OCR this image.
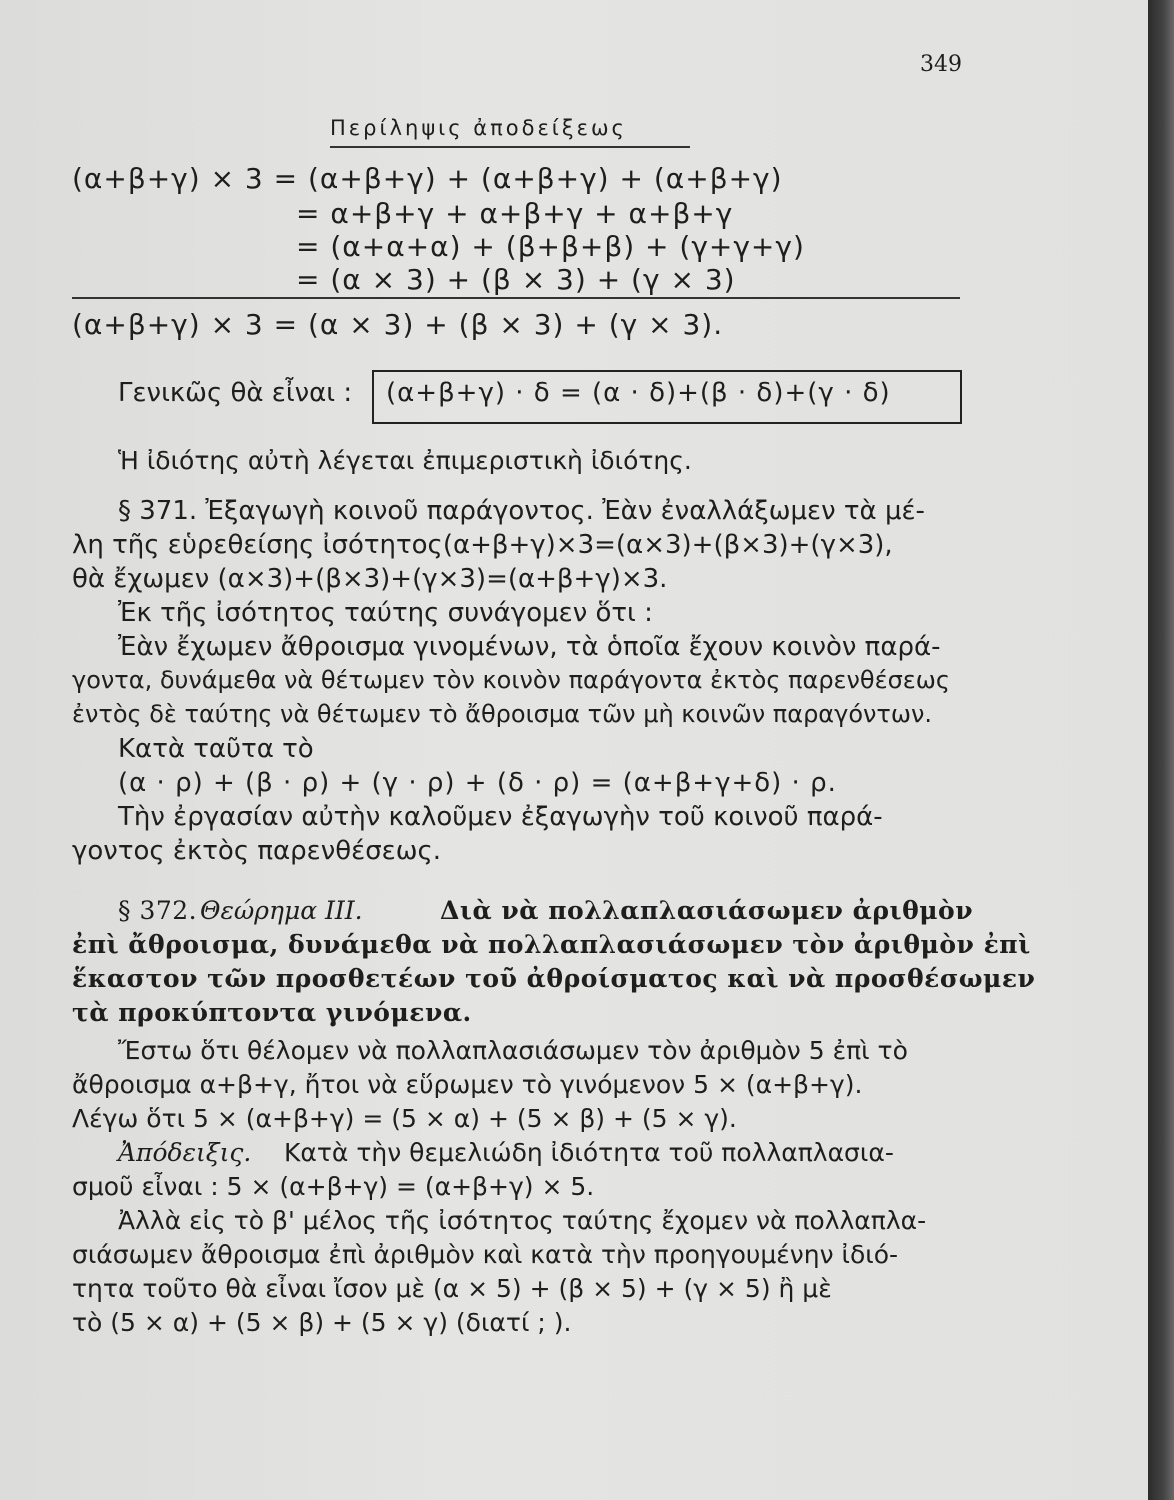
349
Περίληψις ἀποδείξεως
(α+β+γ) × 3 = (α+β+γ) + (α+β+γ) + (α+β+γ)
= α+β+γ + α+β+γ + α+β+γ
= (α+α+α) + (β+β+β) + (γ+γ+γ)
= (α × 3) + (β × 3) + (γ × 3)
(α+β+γ) × 3 = (α × 3) + (β × 3) + (γ × 3).
Γενικῶς θὰ εἶναι : (α+β+γ) · δ = (α · δ)+(β · δ)+(γ · δ)
Ἡ ἰδιότης αὐτὴ λέγεται ἐπιμεριστικὴ ἰδιότης.
§ 371. Ἐξαγωγὴ κοινοῦ παράγοντος. Ἐὰν ἐναλλάξωμεν τὰ μέ-
λη τῆς εὑρεθείσης ἰσότητος(α+β+γ)×3=(α×3)+(β×3)+(γ×3),
θὰ ἔχωμεν (α×3)+(β×3)+(γ×3)=(α+β+γ)×3.
Ἐκ τῆς ἰσότητος ταύτης συνάγομεν ὅτι :
Ἐὰν ἔχωμεν ἄθροισμα γινομένων, τὰ ὁποῖα ἔχουν κοινὸν παρά-
γοντα, δυνάμεθα νὰ θέτωμεν τὸν κοινὸν παράγοντα ἐκτὸς παρενθέσεως
ἐντὸς δὲ ταύτης νὰ θέτωμεν τὸ ἄθροισμα τῶν μὴ κοινῶν παραγόντων.
Κατὰ ταῦτα τὸ
(α · ρ) + (β · ρ) + (γ · ρ) + (δ · ρ) = (α+β+γ+δ) · ρ.
Τὴν ἐργασίαν αὐτὴν καλοῦμεν ἐξαγωγὴν τοῦ κοινοῦ παρά-
γοντος ἐκτὸς παρενθέσεως.
§ 372. Θεώρημα III.	Διὰ νὰ πολλαπλασιάσωμεν ἀριθμὸν
ἐπὶ ἄθροισμα, δυνάμεθα νὰ πολλαπλασιάσωμεν τὸν ἀριθμὸν ἐπὶ
ἕκαστον τῶν προσθετέων τοῦ ἀθροίσματος καὶ νὰ προσθέσωμεν
τὰ προκύπτοντα γινόμενα.
Ἔστω ὅτι θέλομεν νὰ πολλαπλασιάσωμεν τὸν ἀριθμὸν 5 ἐπὶ τὸ
ἄθροισμα α+β+γ, ἤτοι νὰ εὕρωμεν τὸ γινόμενον 5 × (α+β+γ).
Λέγω ὅτι 5 × (α+β+γ) = (5 × α) + (5 × β) + (5 × γ).
Ἀπόδειξις. Κατὰ τὴν θεμελιώδη ἰδιότητα τοῦ πολλαπλασια-
σμοῦ εἶναι : 5 × (α+β+γ) = (α+β+γ) × 5.
Ἀλλὰ εἰς τὸ β' μέλος τῆς ἰσότητος ταύτης ἔχομεν νὰ πολλαπλα-
σιάσωμεν ἄθροισμα ἐπὶ ἀριθμὸν καὶ κατὰ τὴν προηγουμένην ἰδιό-
τητα τοῦτο θὰ εἶναι ἴσον μὲ (α × 5) + (β × 5) + (γ × 5) ἢ μὲ
τὸ (5 × α) + (5 × β) + (5 × γ) (διατί ; ).
